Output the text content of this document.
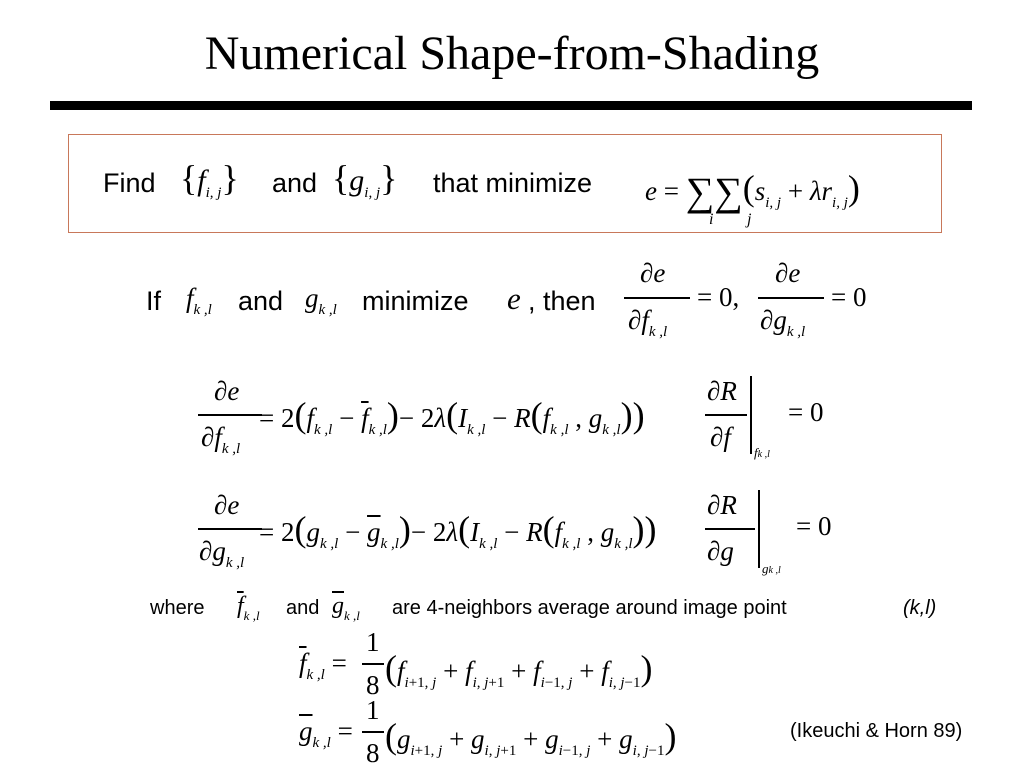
Numerical Shape-from-Shading
Find {fi, j} and {gi, j} that minimize $e = \sum\sum(s_{i, j} + \lambda r_{i, j})$
i j
If $f_{k ,l}$ and $g_{k ,l}$ minimize e , then
∂e
$\partial f_{k ,l}$
= 0,
∂e
$\partial g_{k ,l}$
= 0
∂e
$\partial f_{k ,l}$
= $2(f_{k ,l} - \overline{f}_{k ,l})- 2\lambda(I_{k ,l} - R(f_{k ,l}$ , $g_{k ,l}$))
∂R
∂f
fk ,l
= 0
∂e
$\partial g_{k ,l}$
= $2(g_{k ,l} - \overline{g}_{k ,l})- 2\lambda(I_{k ,l} - R(f_{k ,l}$ , $g_{k ,l}$))
∂R
∂g
gk ,l
= 0
where $\overline{f}_{k ,l}$ and $\overline{g}_{k ,l}$ are 4-neighbors average around image point	(k,l)
$\overline{f}_{k ,l}$ =
1
8 $(f_{i+1, j} + f_{i, j+1} + f_{i-1, j} + f_{i, j-1})$
$\overline{g}_{k ,l}$ =
1
8 $(g_{i+1, j} + g_{i, j+1} + g_{i-1, j} + g_{i, j-1})$	(Ikeuchi & Horn 89)
